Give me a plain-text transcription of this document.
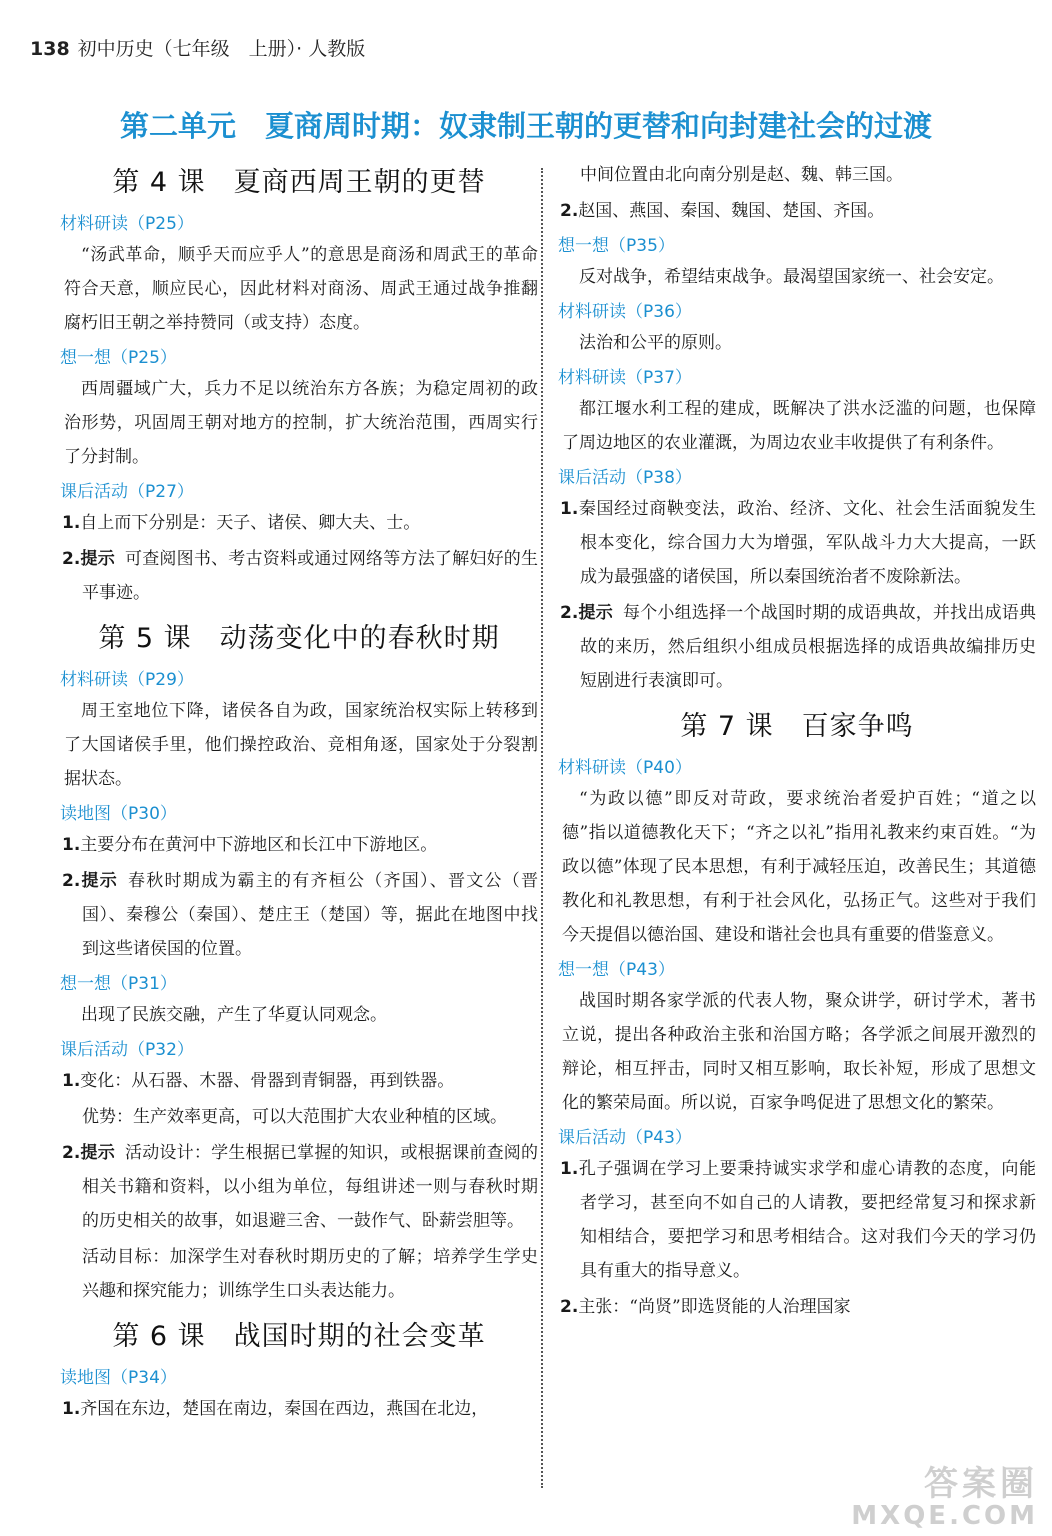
138 初中历史（七年级　上册）· 人教版
第二单元　夏商周时期：奴隶制王朝的更替和向封建社会的过渡
第 4 课　夏商西周王朝的更替
材料研读（P25）

“汤武革命，顺乎天而应乎人”的意思是商汤和周武王的革命符合天意，顺应民心，因此材料对商汤、周武王通过战争推翻腐朽旧王朝之举持赞同（或支持）态度。

想一想（P25）

西周疆域广大，兵力不足以统治东方各族；为稳定周初的政治形势，巩固周王朝对地方的控制，扩大统治范围，西周实行了分封制。

课后活动（P27）

1.自上而下分别是：天子、诸侯、卿大夫、士。

2.提示 可查阅图书、考古资料或通过网络等方法了解妇好的生平事迹。

第 5 课　动荡变化中的春秋时期
材料研读（P29）

周王室地位下降，诸侯各自为政，国家统治权实际上转移到了大国诸侯手里，他们操控政治、竞相角逐，国家处于分裂割据状态。

读地图（P30）

1.主要分布在黄河中下游地区和长江中下游地区。

2.提示 春秋时期成为霸主的有齐桓公（齐国）、晋文公（晋国）、秦穆公（秦国）、楚庄王（楚国）等，据此在地图中找到这些诸侯国的位置。

想一想（P31）

出现了民族交融，产生了华夏认同观念。

课后活动（P32）

1.变化：从石器、木器、骨器到青铜器，再到铁器。

优势：生产效率更高，可以大范围扩大农业种植的区域。

2.提示 活动设计：学生根据已掌握的知识，或根据课前查阅的相关书籍和资料，以小组为单位，每组讲述一则与春秋时期的历史相关的故事，如退避三舍、一鼓作气、卧薪尝胆等。

活动目标：加深学生对春秋时期历史的了解；培养学生学史兴趣和探究能力；训练学生口头表达能力。

第 6 课　战国时期的社会变革
读地图（P34）

1.齐国在东边，楚国在南边，秦国在西边，燕国在北边，

中间位置由北向南分别是赵、魏、韩三国。

2.赵国、燕国、秦国、魏国、楚国、齐国。

想一想（P35）

反对战争，希望结束战争。最渴望国家统一、社会安定。

材料研读（P36）

法治和公平的原则。

材料研读（P37）

都江堰水利工程的建成，既解决了洪水泛滥的问题，也保障了周边地区的农业灌溉，为周边农业丰收提供了有利条件。

课后活动（P38）

1.秦国经过商鞅变法，政治、经济、文化、社会生活面貌发生根本变化，综合国力大为增强，军队战斗力大大提高，一跃成为最强盛的诸侯国，所以秦国统治者不废除新法。

2.提示 每个小组选择一个战国时期的成语典故，并找出成语典故的来历，然后组织小组成员根据选择的成语典故编排历史短剧进行表演即可。

第 7 课　百家争鸣
材料研读（P40）

“为政以德”即反对苛政，要求统治者爱护百姓；“道之以德”指以道德教化天下；“齐之以礼”指用礼教来约束百姓。“为政以德”体现了民本思想，有利于减轻压迫，改善民生；其道德教化和礼教思想，有利于社会风化，弘扬正气。这些对于我们今天提倡以德治国、建设和谐社会也具有重要的借鉴意义。

想一想（P43）

战国时期各家学派的代表人物，聚众讲学，研讨学术，著书立说，提出各种政治主张和治国方略；各学派之间展开激烈的辩论，相互抨击，同时又相互影响，取长补短，形成了思想文化的繁荣局面。所以说，百家争鸣促进了思想文化的繁荣。

课后活动（P43）

1.孔子强调在学习上要秉持诚实求学和虚心请教的态度，向能者学习，甚至向不如自己的人请教，要把经常复习和探求新知相结合，要把学习和思考相结合。这对我们今天的学习仍具有重大的指导意义。

2.主张：“尚贤”即选贤能的人治理国家

答案圈
MXQE.COM
